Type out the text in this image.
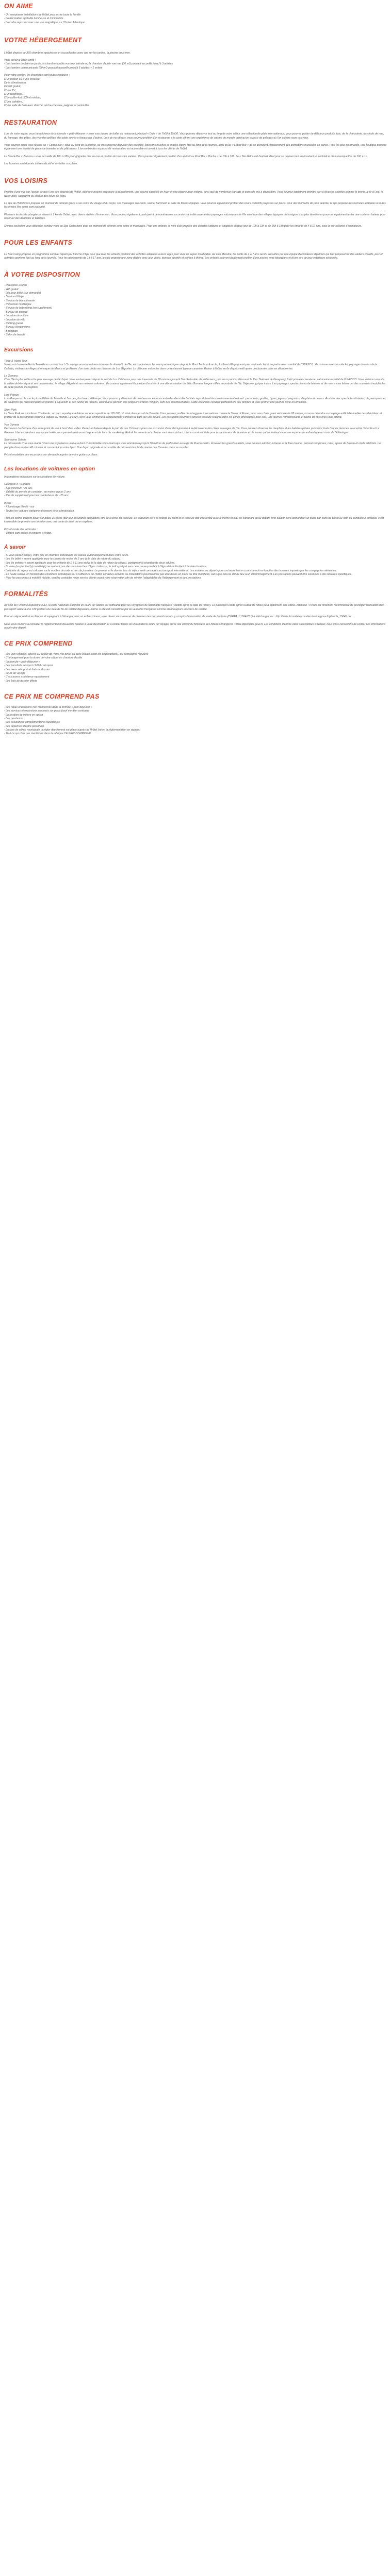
ON AIME

- Un somptueux installations de l'hôtel pour écrire toute la famille

- La décoration agréable lumineuse et minimaliste

- La cadre reposant avec une vue magnifique sur l'Océan Atlantique

VOTRE HÉBERGEMENT

L'hôtel dispose de 365 chambres spacieuses et accueillantes avec vue sur les jardins, la piscine ou la mer.

Vous aurez le choix entre :

- La chambre double vue jardin, la chambre double vue mer latérale ou la chambre double vue mer (30 m²) pouvant accueillir jusqu'à 3 adultes

- La chambre communicante (60 m²) pouvant accueillir jusqu'à 5 adultes + 1 enfant

Pour votre confort, les chambres sont toutes équipées :

D'un balcon ou d'une terrasse,

De la climatisation,

Du wifi gratuit,

D'une TV,

D'un téléphone,

D'un coffre-fort LCD et minibar,

D'une cafetière,

D'une salle de bain avec douche, sèche-cheveux, peignoir et pantoufles

RESTAURATION

Lors de votre séjour, vous bénéficierez de la formule « petit-déjeuner » servi sous forme de buffet au restaurant principal « Dojo » de 7h00 à 10h30. Vous pourrez découvrir tout au long de votre séjour une sélection de plats internationaux, vous pourrez goûter de délicieux produits frais, de la charcuterie, des fruits de mer, du fromage, des pâtes, des viandes grillées, des plats sucrés et beaucoup d'autres. Lors de vos dîners, vous pourrez profiter d'un restaurant à la carte offrant une expérience de cuisine du monde, ainsi qu'un espace de grillades où l'on cuisine sous vos yeux.

Vous pourrez aussi vous relaxer au « Cotton Bar » situé au bord de la piscine, où vous pourrez déguster des cocktails, boissons fraîches et snacks légers tout au long de la journée, ainsi qu'au « Lobby Bar » où se déroulent régulièrement des animations musicales en soirée. Pour les plus gourmands, une boutique propose également une variété de glaces artisanales et de pâtisseries. L'ensemble des espaces de restauration est accessible et ouvert à tous les clients de l'hôtel.

Le Snack-Bar « Zamora » vous accueille de 10h à 18h pour grignoter des en-cas et profiter de boissons variées. Vous pourrez également profiter d'un apéritif au Pool Bar « Bocha » de 10h à 18h. Le « Bar Hall » est l'endroit idéal pour se reposer tout en écoutant un cocktail et de la musique live de 10h à 1h.

Les horaires sont donnés à titre indicatif et à vérifier sur place.

VOS LOISIRS

Profitez d'une vue sur l'océan depuis l'une des piscines de l'hôtel, dont une piscine extérieure à débordement, une piscine chauffée en hiver et une piscine pour enfants, ainsi que de nombreux transats et parasols mis à disposition. Vous pourrez également prendre part à diverses activités comme le tennis, le tir à l'arc, le water-polo, l'aquagym ou encore des cours de yoga.

Le spa de l'hôtel vous propose un moment de détente grâce à ses soins du visage et du corps, ses massages relaxants, sauna, hammam et salle de fitness équipée. Vous pourrez également profiter des cours collectifs proposés sur place. Pour des moments de pure détente, le spa propose des formules adaptées à toutes les envies (les soins sont payants).

Plusieurs écoles de plongée se situent à 1 km de l'hôtel, avec divers ateliers d'immersion. Vous pourrez également participer à de nombreuses excursions à la découverte des paysages volcaniques de l'île ainsi que des villages typiques de la région. Les plus téméraires pourront également tenter une sortie en bateau pour observer des dauphins et baleines.

Si vous souhaitez vous détendre, rendez-vous au Spa Sensations pour un moment de détente avec soins et massages. Pour vos enfants, le mini-club propose des activités ludiques et adaptées chaque jour de 10h à 13h et de 15h à 18h pour les enfants de 4 à 12 ans, sous la surveillance d'animateurs.

POUR LES ENFANTS

Le Star Camp propose un programme complet réparti par tranche d'âge pour que tous les enfants profitent des activités adaptées à leurs âges pour vivre un séjour inoubliable. Au club Mirouha, les petits de 4 à 7 ans seront encadrés par une équipe d'animateurs diplômés qui leur proposeront des ateliers créatifs, jeux et activités sportives tout au long de la journée. Pour les adolescents de 13 à 17 ans, le club propose une zone dédiée avec jeux vidéo, tournois sportifs et soirées à thème. Les enfants pourront également profiter d'une piscine avec toboggans et d'une aire de jeux extérieure sécurisée.

À VOTRE DISPOSITION

- Réception 24/24h

- Wifi gratuit

- Lits pour bébé (sur demande)

- Service d'étage

- Service de blanchisserie

- Personnel multilingue

- Service de babysitting (en supplément)

- Bureau de change

- Location de voiture

- Location de vélo

- Parking gratuit

- Bureau d'excursions

- Boutiques

- Salon de beauté

Excursions

Teide & Island Tour

Venez voir la merveille de Tenerife en un seul tour ! Ce voyage vous emmènera à travers la diversité de l'île, vous admirerez les vues panoramiques depuis le Mont Teide, volcan le plus haut d'Espagne et parc national classé au patrimoine mondial de l'UNESCO. Vous traverserez ensuite les paysages lunaires de la Cañada, visiterez le village pittoresque de Masca et profiterez d'un arrêt photo aux falaises de Los Gigantes. Le déjeuner est inclus dans un restaurant typique canarien. Retour à l'hôtel en fin d'après-midi après une journée riche en découvertes.

La Gomera

C'est l'île la plus petite et la plus sauvage de l'archipel. Vous embarquerez depuis le port de Los Cristianos pour une traversée de 50 minutes jusqu'à San Sebastián de la Gomera, puis vous partirez découvrir le Parc National de Garajonay, forêt primaire classée au patrimoine mondial de l'UNESCO. Vous visiterez ensuite la vallée de Hermigua et ses bananeraies, le village d'Agulo et ses maisons colorées. Vous aurez également l'occasion d'assister à une démonstration du Silbo Gomero, langue sifflée ancestrale de l'île. Déjeuner typique inclus. Les paysages spectaculaires de falaises et de ravins vous laisseront des souvenirs inoubliables de cette journée d'exception.

Loro Parque

Loro Parque est le zoo le plus célèbre de Tenerife et l'un des plus beaux d'Europe. Vous pourrez y découvrir de nombreuses espèces animales dans des habitats reproduisant leur environnement naturel : perroquets, gorilles, tigres, jaguars, pingouins, dauphins et orques. Assistez aux spectacles d'otaries, de perroquets et de dauphins qui ravissent petits et grands. L'aquarium et son tunnel de requins, ainsi que le pavillon des pingouins Planet Penguin, sont des incontournables. Cette excursion convient parfaitement aux familles et vous promet une journée riche en émotions.

Siam Park

Le Siam Park vous invite en Thaïlande : un parc aquatique à thème sur une superficie de 185 000 m² situé dans le sud de Tenerife. Vous pourrez profiter de toboggans à sensations comme la Tower of Power, avec une chute quasi verticale de 28 mètres, ou vous détendre sur la plage artificielle bordée de sable blanc et profiter de la plus grande piscine à vagues au monde. Le Lazy River vous emmènera tranquillement à travers le parc sur une bouée. Les plus petits pourront s'amuser en toute sécurité dans les zones aménagées pour eux. Une journée rafraîchissante et pleine de fous rires vous attend.

Vue Gomera

Découvrez La Gomera d'un autre point de vue à bord d'un voilier. Partez en bateau depuis le port de Los Cristianos pour une excursion d'une demi-journée à la découverte des côtes sauvages de l'île. Vous pourrez observer les dauphins et les baleines pilotes qui vivent toute l'année dans les eaux entre Tenerife et La Gomera. Une escale dans une crique isolée vous permettra de vous baigner et de faire du snorkeling. Rafraîchissements et collation sont servis à bord. Une excursion idéale pour les amoureux de la nature et de la mer qui souhaitent vivre une expérience authentique au cœur de l'Atlantique.

Submarine Safaris

La découverte d'un sous-marin. Vivez une expérience unique à bord d'un véritable sous-marin qui vous emmènera jusqu'à 30 mètres de profondeur au large de Puerto Colón. À travers les grands hublots, vous pourrez admirer la faune et la flore marine : poissons tropicaux, raies, épave de bateau et récifs artificiels. La plongée dure environ 45 minutes et convient à tous les âges. Une façon originale et accessible de découvrir les fonds marins des Canaries sans se mouiller.

Prix et modalités des excursions sur demande auprès de votre guide sur place.

Les locations de voitures en option

Informations indicatives sur les locations de voiture.

Catégorie A : 5 places

- Âge minimum : 21 ans

- Validité du permis de conduire : au moins depuis 2 ans

- Pas de supplément pour les conducteurs de - 25 ans.

Inclus :

- Kilométrage illimité - oui

- Toutes les voitures catégorie disposent de la climatisation.

Tous les clients devront payer sur place 15 euros (par jour assurance obligatoire) lors de la prise du véhicule. Le carburant est à la charge du client et le véhicule doit être rendu avec le même niveau de carburant qu'au départ. Une caution sera demandée sur place par carte de crédit au nom du conducteur principal. Il est impossible de prendre une location avec une carte de débit ou en espèces.

Prix et mode des véhicules :

- Voiture sont prises et rendues à l'hôtel.

À savoir

- Si vous partez seul(e), votre prix en chambre individuelle est calculé automatiquement dans votre devis.

- Les lits bébé « seront appliqués pour les bébés de moins de 2 ans (à la date de retour du séjour).

- Les lits enfants « seront appliqués pour les enfants de 2 à 11 ans inclus (à la date de retour du séjour), partageant la chambre de deux adultes.

- Si votre (vos) enfant(s) ou bébé(s) ne rentrent pas dans les tranches d'âges ci-dessus, le tarif appliqué sera celui correspondant à l'âge réel de l'enfant à la date du retour.

- La durée du séjour est calculée sur le nombre de nuits et non de journées. Le premier et le dernier jour du séjour sont consacrés au transport international. Les arrivées ou départs pourront avoir lieu en cours de nuit en fonction des horaires imposés par les compagnies aériennes.

- En haute saison, en fonction des conditions climatiques ou à l'affluence de l'hôtel, certaines activités ou installations pourraient ne pas être mises en place ou être modifiées, sans que cela ne donne lieu à un dédommagement. Les prestations peuvent être soumises à des horaires spécifiques.

- Pour les personnes à mobilité réduite, veuillez contacter notre service clients avant votre réservation afin de vérifier l'adaptabilité de l'hébergement et des prestations.

FORMALITÉS

Au sein de l'Union européenne (UE), la carte nationale d'identité en cours de validité est suffisante pour les voyageurs de nationalité française (validité après la date de retour). Le passeport valide après la date de retour peut également être utilisé. Attention : il vous est fortement recommandé de privilégier l'utilisation d'un passeport valide à une CNI portant une date de fin de validité dépassée, même si elle est considérée par les autorités françaises comme étant toujours en cours de validité.

Pour un séjour réalisé en France et voyageant à l'étranger avec un enfant mineur, vous devez vous assurer de disposer des documents requis, y compris l'autorisation de sortie de territoire (CERFA n°15646*01) à télécharger sur : http://www.formulaires.modernisation.gouv.fr/gf/cerfa_15646.do.

Nous vous invitons à consulter la réglementation douanière relative à votre destination et à vérifier toutes les informations avant de voyager sur le site officiel du Ministère des Affaires étrangères : www.diplomatie.gouv.fr. Les conditions d'entrée étant susceptibles d'évoluer, nous vous conseillons de vérifier ces informations avant votre départ.

CE PRIX COMPREND

- Les vols réguliers, opérés au départ de Paris (vol direct ou avec escale selon les disponibilités), sur compagnie régulière

- L'hébergement pour la durée de votre séjour en chambre double

- La formule « petit-déjeuner »

- Les transferts aéroport / hôtel / aéroport

- Les taxes aéroport et frais de dossier

- Le kit de voyage

- L'assurance assistance rapatriement

- Les frais de dossier offerts

CE PRIX NE COMPREND PAS

- Les repas et boissons non mentionnés dans la formule « petit-déjeuner »

- Les services et excursions proposés sur place (sauf mention contraire)

- La location de voiture en option

- Les pourboires

- Les assurances complémentaires facultatives

- Les dépenses d'ordre personnel

- La taxe de séjour municipale, à régler directement sur place auprès de l'hôtel (selon la réglementation en vigueur)

- Tout ce qui n'est pas mentionné dans la rubrique CE PRIX COMPREND
